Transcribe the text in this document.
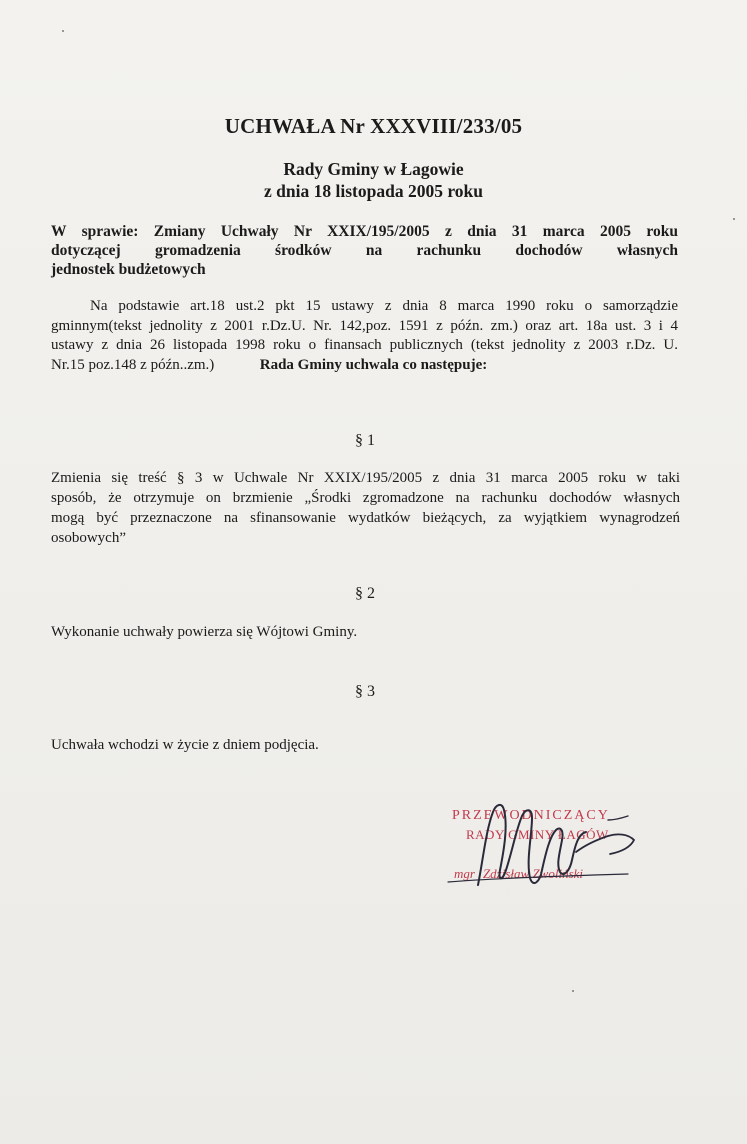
UCHWAŁA Nr XXXVIII/233/05
Rady Gminy w Łagowie
z dnia 18 listopada 2005 roku
W sprawie: Zmiany Uchwały Nr XXIX/195/2005 z dnia 31 marca 2005 roku
dotyczącej gromadzenia środków na rachunku dochodów własnych
jednostek budżetowych
Na podstawie art.18 ust.2 pkt 15 ustawy z dnia 8 marca 1990 roku o samorządzie
gminnym(tekst jednolity z 2001 r.Dz.U. Nr. 142,poz. 1591 z późn. zm.) oraz art. 18a ust. 3 i 4
ustawy z dnia 26 listopada 1998 roku o finansach publicznych (tekst jednolity z 2003 r.Dz. U.
Nr.15 poz.148 z późn..zm.)	Rada Gminy uchwala co następuje:
§ 1
Zmienia się treść § 3 w Uchwale Nr XXIX/195/2005 z dnia 31 marca 2005 roku w taki
sposób, że otrzymuje on brzmienie „Środki zgromadzone na rachunku dochodów własnych
mogą być przeznaczone na sfinansowanie wydatków bieżących, za wyjątkiem wynagrodzeń
osobowych”
§ 2
Wykonanie uchwały powierza się Wójtowi Gminy.
§ 3
Uchwała wchodzi w życie z dniem podjęcia.
PRZEWODNICZĄCY
RADY GMINY ŁAGÓW
mgr Zdzisław Zwoliński
